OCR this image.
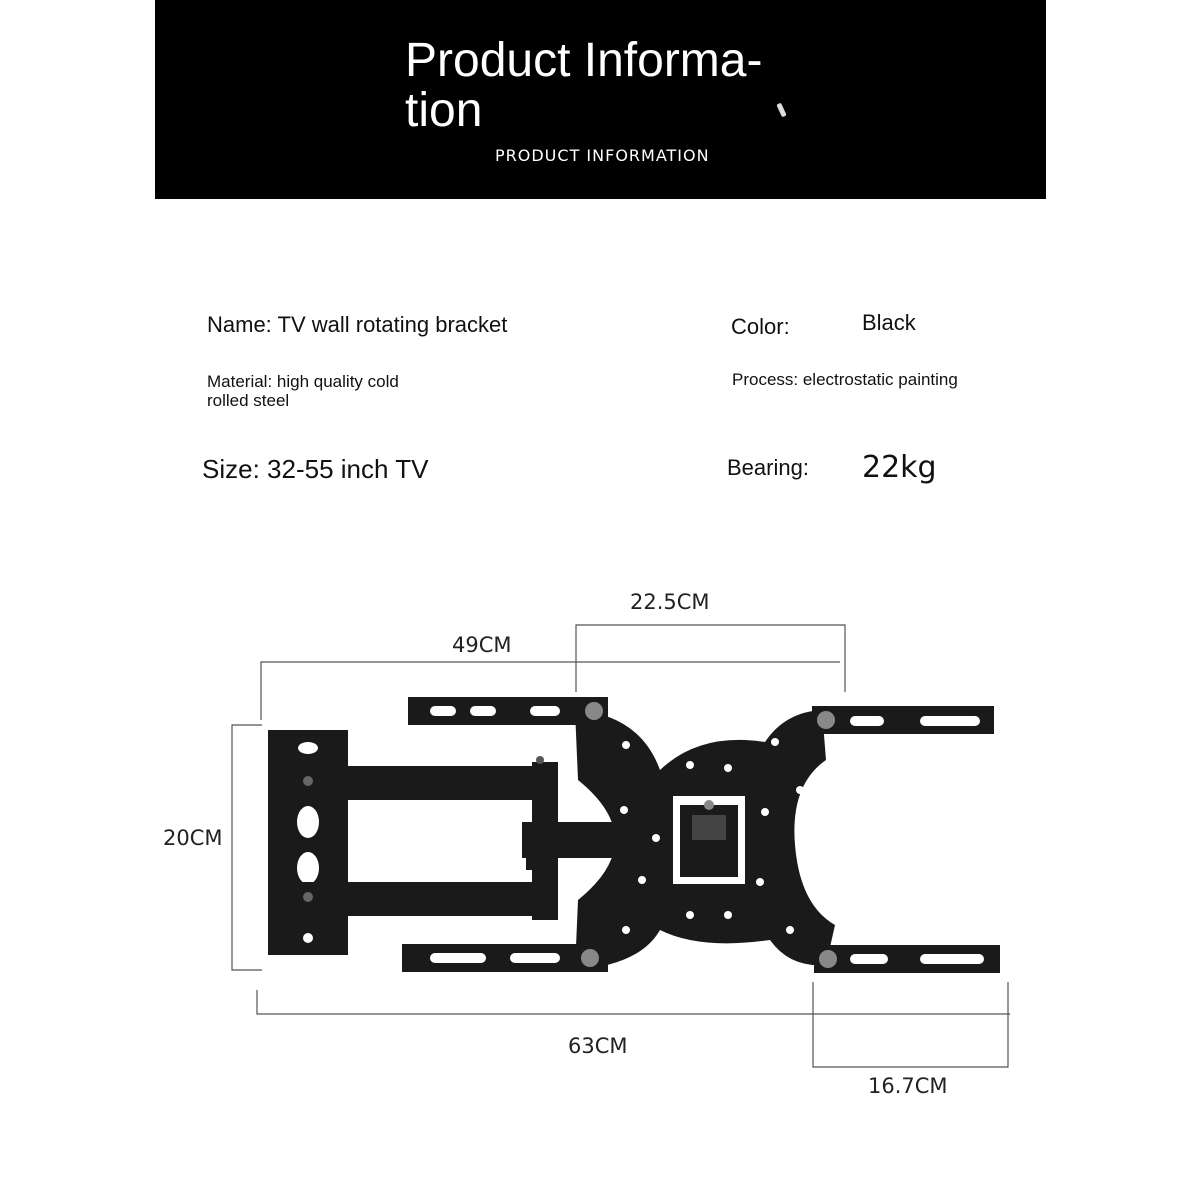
Product Informa-tion
PRODUCT INFORMATION
Name: TV wall rotating bracket	Color:	Black
Material: high quality cold rolled steel
Process: electrostatic painting
Size: 32-55 inch TV	Bearing: 22kg
22.5CM
49CM
20CM
63CM
16.7CM
